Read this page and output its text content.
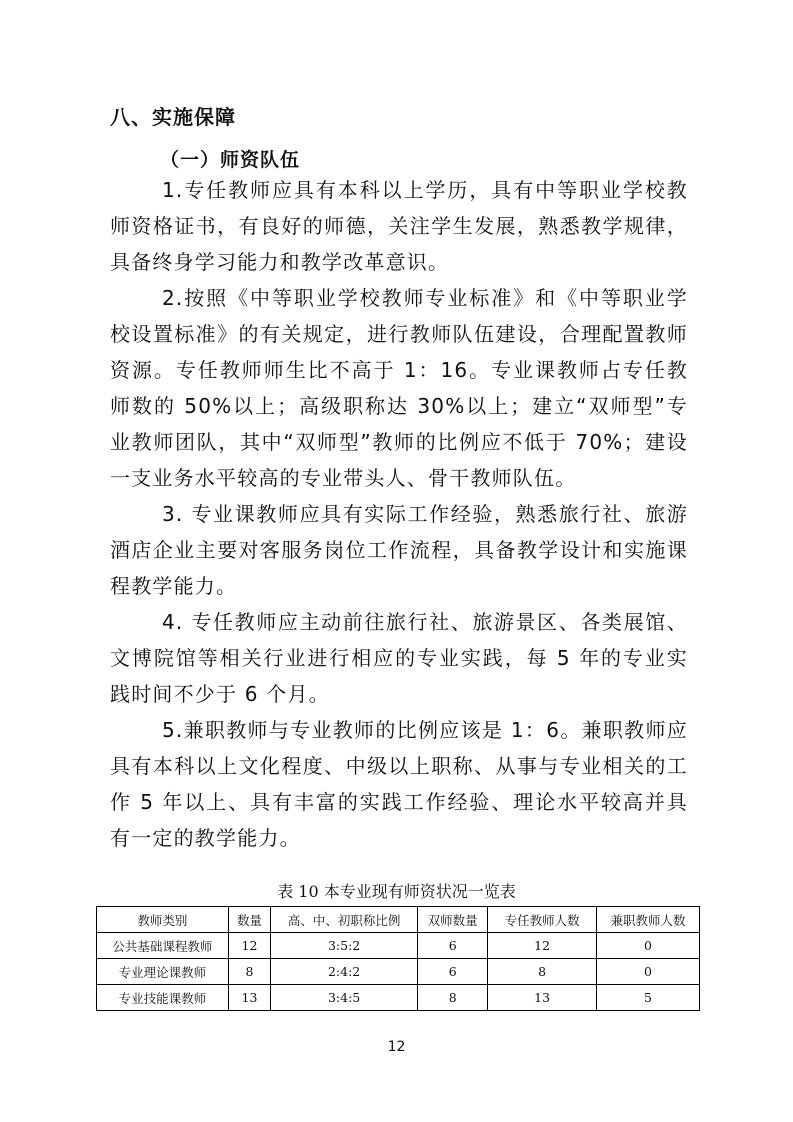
八、实施保障
（一）师资队伍

1.专任教师应具有本科以上学历，具有中等职业学校教师资格证书，有良好的师德，关注学生发展，熟悉教学规律，具备终身学习能力和教学改革意识。

2.按照《中等职业学校教师专业标准》和《中等职业学校设置标准》的有关规定，进行教师队伍建设，合理配置教师资源。专任教师师生比不高于 1：16。专业课教师占专任教师数的 50%以上；高级职称达 30%以上；建立“双师型”专业教师团队，其中“双师型”教师的比例应不低于 70%；建设一支业务水平较高的专业带头人、骨干教师队伍。

3. 专业课教师应具有实际工作经验，熟悉旅行社、旅游酒店企业主要对客服务岗位工作流程，具备教学设计和实施课程教学能力。

4. 专任教师应主动前往旅行社、旅游景区、各类展馆、文博院馆等相关行业进行相应的专业实践，每 5 年的专业实践时间不少于 6 个月。

5.兼职教师与专业教师的比例应该是 1：6。兼职教师应具有本科以上文化程度、中级以上职称、从事与专业相关的工作 5 年以上、具有丰富的实践工作经验、理论水平较高并具有一定的教学能力。

表 10 本专业现有师资状况一览表

教师类别	数量	高、中、初职称比例	双师数量	专任教师人数	兼职教师人数
公共基础课程教师	12	3:5:2	6	12	0
专业理论课教师	8	2:4:2	6	8	0
专业技能课教师	13	3:4:5	8	13	5

12
